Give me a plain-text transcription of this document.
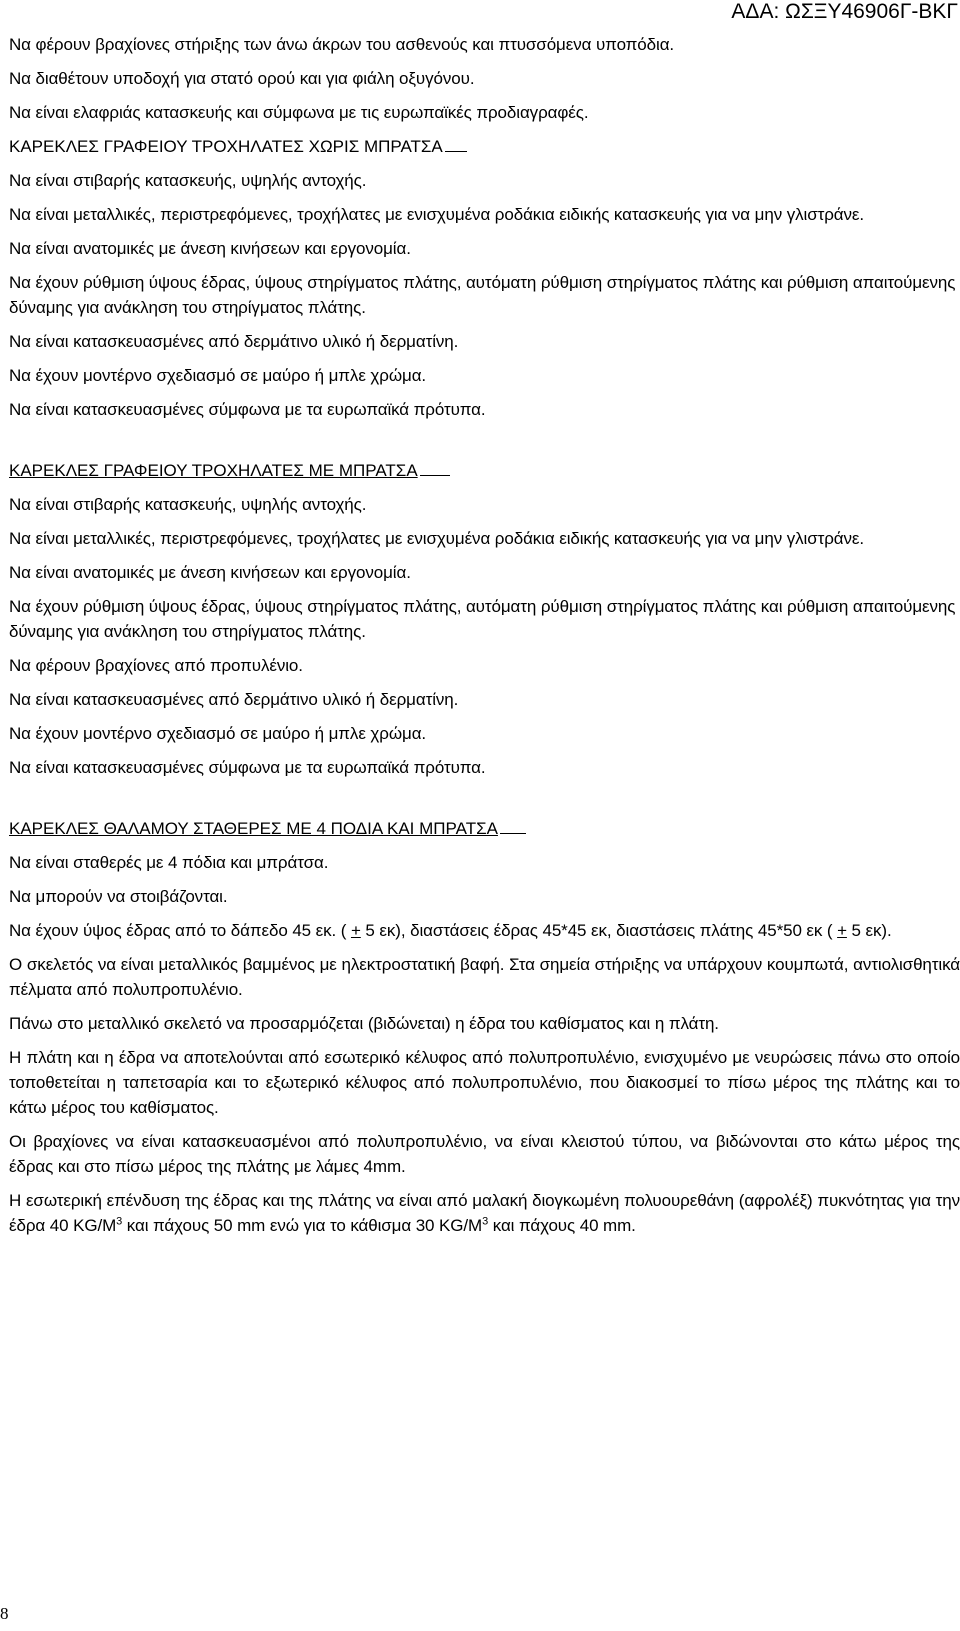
ΑΔΑ: ΩΣΞΥ46906Γ-ΒΚΓ

Να φέρουν βραχίονες στήριξης των άνω άκρων του ασθενούς και πτυσσόμενα υποπόδια.

Να διαθέτουν υποδοχή για στατό ορού και για φιάλη οξυγόνου.

Να είναι ελαφριάς κατασκευής και σύμφωνα με τις ευρωπαϊκές προδιαγραφές.

ΚΑΡΕΚΛΕΣ ΓΡΑΦΕΙΟΥ ΤΡΟΧΗΛΑΤΕΣ ΧΩΡΙΣ ΜΠΡΑΤΣΑ

Να είναι στιβαρής κατασκευής, υψηλής αντοχής.

Να είναι μεταλλικές, περιστρεφόμενες, τροχήλατες με ενισχυμένα ροδάκια ειδικής κατασκευής για να μην γλιστράνε.

Να είναι ανατομικές με άνεση κινήσεων και εργονομία.

Να έχουν ρύθμιση ύψους έδρας, ύψους στηρίγματος πλάτης, αυτόματη ρύθμιση στηρίγματος πλάτης και ρύθμιση απαιτούμενης δύναμης για ανάκληση του στηρίγματος πλάτης.

Να είναι κατασκευασμένες από δερμάτινο υλικό ή δερματίνη.

Να έχουν μοντέρνο σχεδιασμό σε μαύρο ή μπλε χρώμα.

Να είναι κατασκευασμένες σύμφωνα με τα ευρωπαϊκά πρότυπα.

ΚΑΡΕΚΛΕΣ ΓΡΑΦΕΙΟΥ ΤΡΟΧΗΛΑΤΕΣ ΜΕ ΜΠΡΑΤΣΑ

Να είναι στιβαρής κατασκευής, υψηλής αντοχής.

Να είναι μεταλλικές, περιστρεφόμενες, τροχήλατες με ενισχυμένα ροδάκια ειδικής κατασκευής για να μην γλιστράνε.

Να είναι ανατομικές με άνεση κινήσεων και εργονομία.

Να έχουν ρύθμιση ύψους έδρας, ύψους στηρίγματος πλάτης, αυτόματη ρύθμιση στηρίγματος πλάτης και ρύθμιση απαιτούμενης δύναμης για ανάκληση του στηρίγματος πλάτης.

Να φέρουν βραχίονες από προπυλένιο.

Να είναι κατασκευασμένες από δερμάτινο υλικό ή δερματίνη.

Να έχουν μοντέρνο σχεδιασμό σε μαύρο ή μπλε χρώμα.

Να είναι κατασκευασμένες σύμφωνα με τα ευρωπαϊκά πρότυπα.

ΚΑΡΕΚΛΕΣ ΘΑΛΑΜΟΥ ΣΤΑΘΕΡΕΣ ΜΕ 4 ΠΟΔΙΑ ΚΑΙ ΜΠΡΑΤΣΑ

Να είναι σταθερές με 4 πόδια και μπράτσα.

Να μπορούν να στοιβάζονται.

Να έχουν ύψος έδρας από το δάπεδο 45 εκ. ( + 5 εκ), διαστάσεις έδρας 45*45 εκ, διαστάσεις πλάτης 45*50 εκ ( + 5 εκ).

Ο σκελετός να είναι μεταλλικός βαμμένος με ηλεκτροστατική βαφή. Στα σημεία στήριξης να υπάρχουν κουμπωτά, αντιολισθητικά πέλματα από πολυπροπυλένιο.

Πάνω στο μεταλλικό σκελετό να προσαρμόζεται (βιδώνεται) η έδρα του καθίσματος και η πλάτη.

Η πλάτη και η έδρα να αποτελούνται από εσωτερικό κέλυφος από πολυπροπυλένιο, ενισχυμένο με νευρώσεις πάνω στο οποίο τοποθετείται η ταπετσαρία και το εξωτερικό κέλυφος από πολυπροπυλένιο, που διακοσμεί το πίσω μέρος της πλάτης και το κάτω μέρος του καθίσματος.

Οι βραχίονες να είναι κατασκευασμένοι από πολυπροπυλένιο, να είναι κλειστού τύπου, να βιδώνονται στο κάτω μέρος της έδρας και στο πίσω μέρος της πλάτης με λάμες 4mm.

Η εσωτερική επένδυση της έδρας και της πλάτης να είναι από μαλακή διογκωμένη πολυουρεθάνη (αφρολέξ) πυκνότητας για την έδρα 40 $KG/M^3$ και πάχους 50 mm ενώ για το κάθισμα 30 $KG/M^3$ και πάχους 40 mm.

8
